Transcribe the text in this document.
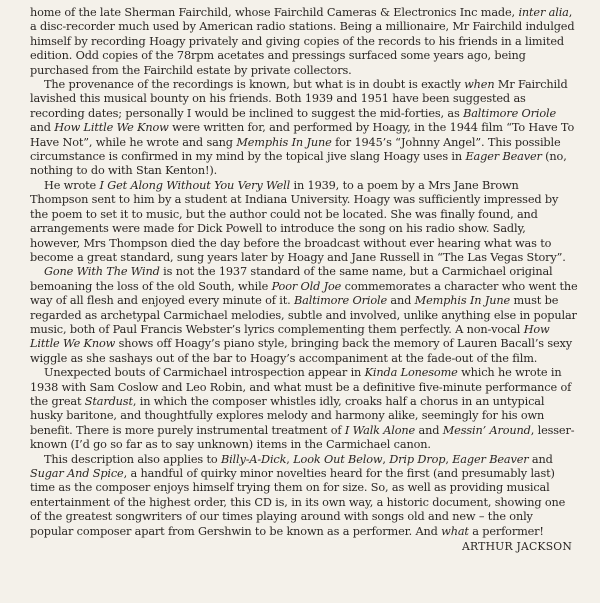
home of the late Sherman Fairchild, whose Fairchild Cameras & Electronics Inc made, inter alia, a disc-recorder much used by American radio stations. Being a millionaire, Mr Fairchild indulged himself by recording Hoagy privately and giving copies of the records to his friends in a limited edition. Odd copies of the 78rpm acetates and pressings surfaced some years ago, being purchased from the Fairchild estate by private collectors.

The provenance of the recordings is known, but what is in doubt is exactly when Mr Fairchild lavished this musical bounty on his friends. Both 1939 and 1951 have been suggested as recording dates; personally I would be inclined to suggest the mid-forties, as Baltimore Oriole and How Little We Know were written for, and performed by Hoagy, in the 1944 film “To Have To Have Not”, while he wrote and sang Memphis In June for 1945’s “Johnny Angel”. This possible circumstance is confirmed in my mind by the topical jive slang Hoagy uses in Eager Beaver (no, nothing to do with Stan Kenton!).

He wrote I Get Along Without You Very Well in 1939, to a poem by a Mrs Jane Brown Thompson sent to him by a student at Indiana University. Hoagy was sufficiently impressed by the poem to set it to music, but the author could not be located. She was finally found, and arrangements were made for Dick Powell to introduce the song on his radio show. Sadly, however, Mrs Thompson died the day before the broadcast without ever hearing what was to become a great standard, sung years later by Hoagy and Jane Russell in “The Las Vegas Story”.

Gone With The Wind is not the 1937 standard of the same name, but a Carmichael original bemoaning the loss of the old South, while Poor Old Joe commemorates a character who went the way of all flesh and enjoyed every minute of it. Baltimore Oriole and Memphis In June must be regarded as archetypal Carmichael melodies, subtle and involved, unlike anything else in popular music, both of Paul Francis Webster’s lyrics complementing them perfectly. A non-vocal How Little We Know shows off Hoagy’s piano style, bringing back the memory of Lauren Bacall’s sexy wiggle as she sashays out of the bar to Hoagy’s accompaniment at the fade-out of the film.

Unexpected bouts of Carmichael introspection appear in Kinda Lonesome which he wrote in 1938 with Sam Coslow and Leo Robin, and what must be a definitive five-minute performance of the great Stardust, in which the composer whistles idly, croaks half a chorus in an untypical husky baritone, and thoughtfully explores melody and harmony alike, seemingly for his own benefit. There is more purely instrumental treatment of I Walk Alone and Messin’ Around, lesser-known (I’d go so far as to say unknown) items in the Carmichael canon.

This description also applies to Billy-A-Dick, Look Out Below, Drip Drop, Eager Beaver and Sugar And Spice, a handful of quirky minor novelties heard for the first (and presumably last) time as the composer enjoys himself trying them on for size. So, as well as providing musical entertainment of the highest order, this CD is, in its own way, a historic document, showing one of the greatest songwriters of our times playing around with songs old and new – the only popular composer apart from Gershwin to be known as a performer. And what a performer!

ARTHUR JACKSON
